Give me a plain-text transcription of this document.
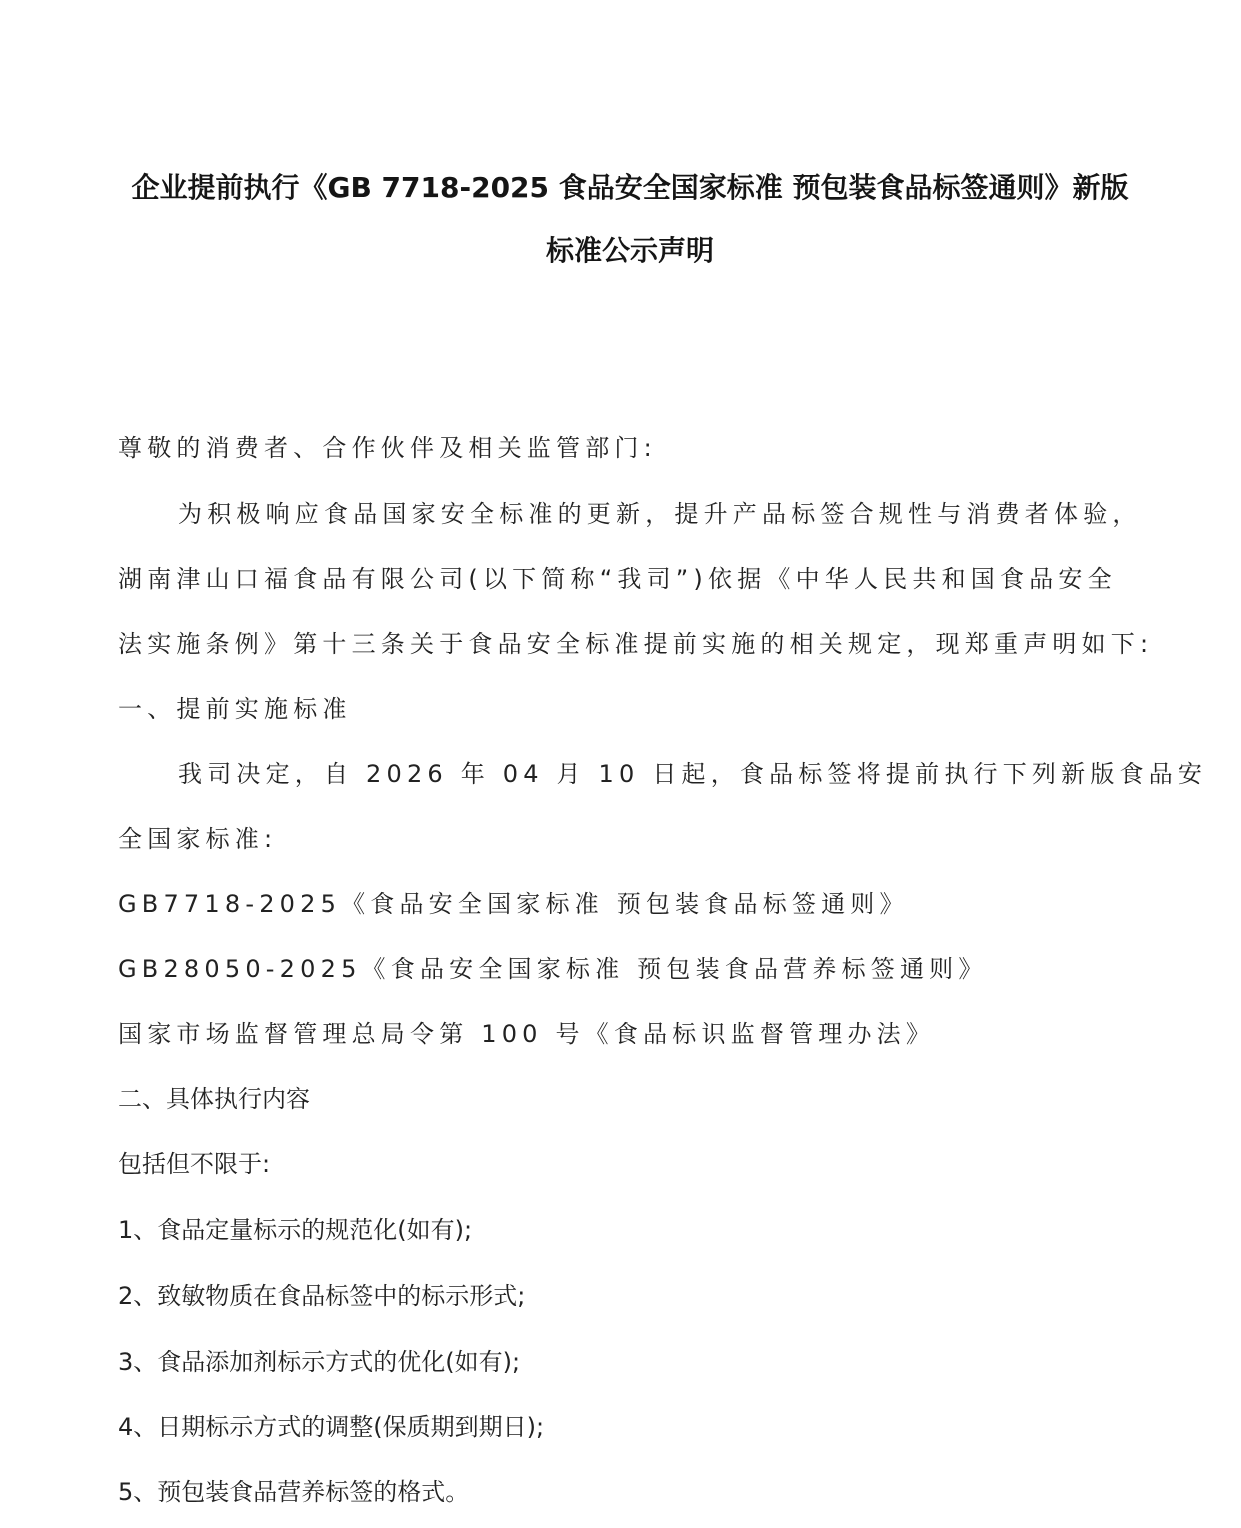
企业提前执行《GB 7718-2025 食品安全国家标准 预包装食品标签通则》新版
标准公示声明
尊敬的消费者、合作伙伴及相关监管部门:
为积极响应食品国家安全标准的更新，提升产品标签合规性与消费者体验，
湖南津山口福食品有限公司(以下简称“我司”)依据《中华人民共和国食品安全
法实施条例》第十三条关于食品安全标准提前实施的相关规定，现郑重声明如下:
一、提前实施标准
我司决定，自 2026 年 04 月 10 日起，食品标签将提前执行下列新版食品安
全国家标准:
GB7718-2025《食品安全国家标准 预包装食品标签通则》
GB28050-2025《食品安全国家标准 预包装食品营养标签通则》
国家市场监督管理总局令第 100 号《食品标识监督管理办法》
二、具体执行内容
包括但不限于:
1、食品定量标示的规范化(如有);
2、致敏物质在食品标签中的标示形式;
3、食品添加剂标示方式的优化(如有);
4、日期标示方式的调整(保质期到期日);
5、预包装食品营养标签的格式。
